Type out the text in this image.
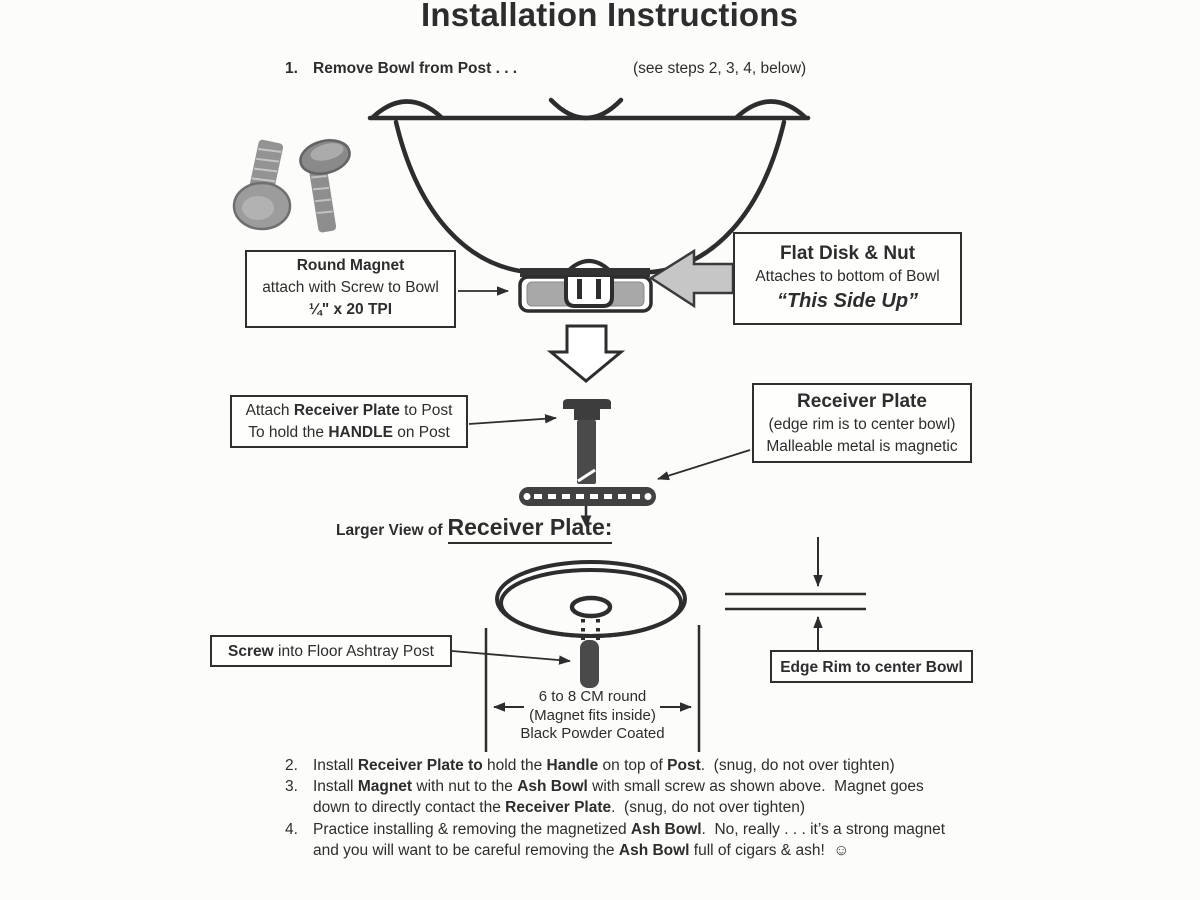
Installation Instructions
1. Remove Bowl from Post . . .	(see steps 2, 3, 4, below)
Round Magnet
attach with Screw to Bowl
¼" x 20 TPI
Flat Disk & Nut
Attaches to bottom of Bowl
“This Side Up”
Attach Receiver Plate to Post
To hold the HANDLE on Post
Receiver Plate
(edge rim is to center bowl)
Malleable metal is magnetic
Larger View of Receiver Plate:
Screw into Floor Ashtray Post
6 to 8 CM round
(Magnet fits inside)
Black Powder Coated
Edge Rim to center Bowl
2. Install Receiver Plate to hold the Handle on top of Post.  (snug, do not over tighten)
3. Install Magnet with nut to the Ash Bowl with small screw as shown above.  Magnet goes
down to directly contact the Receiver Plate.  (snug, do not over tighten)
4. Practice installing & removing the magnetized Ash Bowl.  No, really . . . it’s a strong magnet
and you will want to be careful removing the Ash Bowl full of cigars & ash!  ☺
